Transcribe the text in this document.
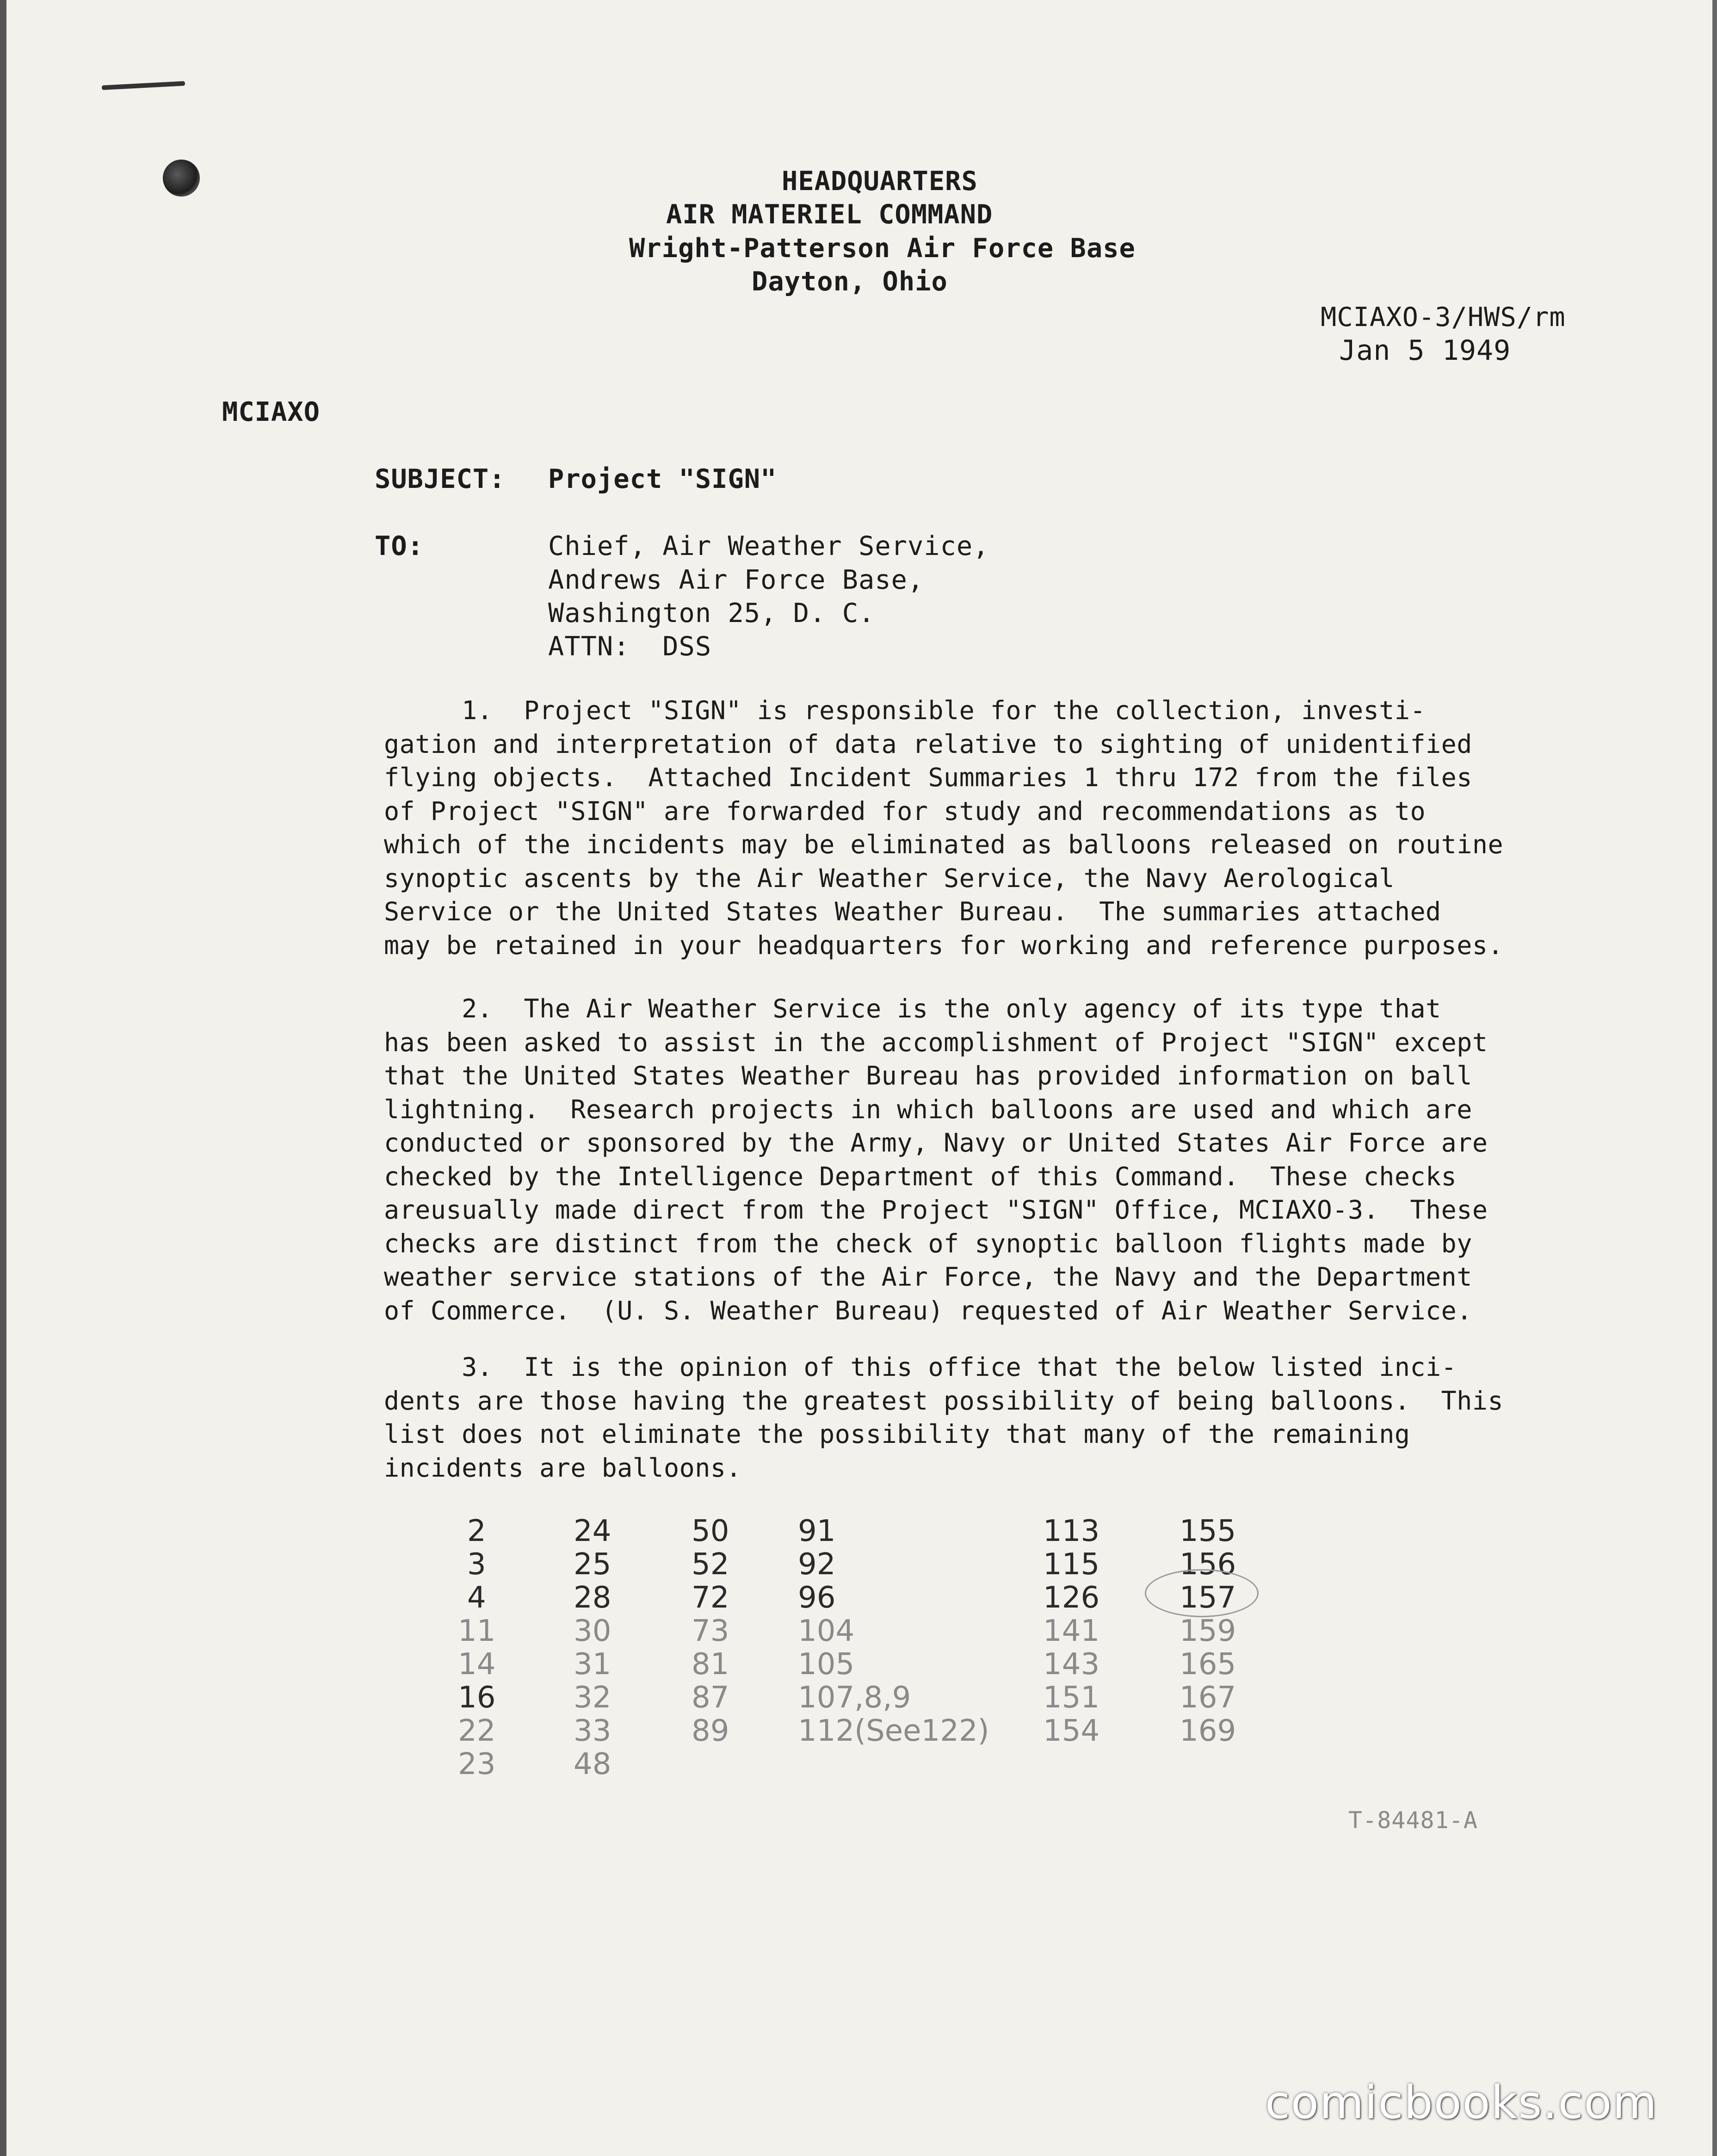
HEADQUARTERS
AIR MATERIEL COMMAND
Wright-Patterson Air Force Base
Dayton, Ohio
MCIAXO-3/HWS/rm
Jan 5 1949
MCIAXO
SUBJECT: Project "SIGN"
TO:	Chief, Air Weather Service,
Andrews Air Force Base,
Washington 25, D. C.
ATTN:  DSS
1.  Project "SIGN" is responsible for the collection, investi-
gation and interpretation of data relative to sighting of unidentified
flying objects.  Attached Incident Summaries 1 thru 172 from the files
of Project "SIGN" are forwarded for study and recommendations as to
which of the incidents may be eliminated as balloons released on routine
synoptic ascents by the Air Weather Service, the Navy Aerological
Service or the United States Weather Bureau.  The summaries attached
may be retained in your headquarters for working and reference purposes.
2.  The Air Weather Service is the only agency of its type that
has been asked to assist in the accomplishment of Project "SIGN" except
that the United States Weather Bureau has provided information on ball
lightning.  Research projects in which balloons are used and which are
conducted or sponsored by the Army, Navy or United States Air Force are
checked by the Intelligence Department of this Command.  These checks
areusually made direct from the Project "SIGN" Office, MCIAXO-3.  These
checks are distinct from the check of synoptic balloon flights made by
weather service stations of the Air Force, the Navy and the Department
of Commerce.  (U. S. Weather Bureau) requested of Air Weather Service.
3.  It is the opinion of this office that the below listed inci-
dents are those having the greatest possibility of being balloons.  This
list does not eliminate the possibility that many of the remaining
incidents are balloons.
2
3
4
11
14
16
22
23
24
25
28
30
31
32
33
48
50
52
72
73
81
87
89
91
92
96
104
105
107,8,9
112(See122)
113
115
126
141
143
151
154
155
156
157
159
165
167
169
T-84481-A
comicbooks.com
